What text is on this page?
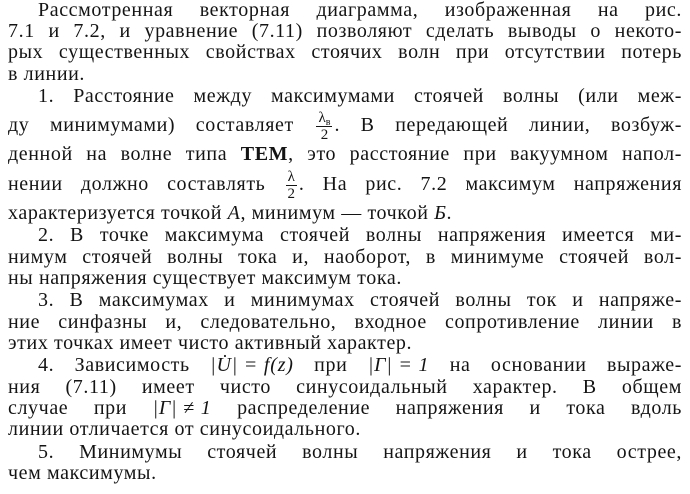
Рассмотренная векторная диаграмма, изображенная на рис.
7.1 и 7.2, и уравнение (7.11) позволяют сделать выводы о некото-
рых существенных свойствах стоячих волн при отсутствии потерь
в линии.
1. Расстояние между максимумами стоячей волны (или меж-
ду минимумами) составляет $\frac{\lambda_в}{2}$ . В передающей линии, возбуж-
денной на волне типа TEM, это расстояние при вакуумном напол-
нении должно составлять $\frac{\lambda}{2}$ . На рис. 7.2 максимум напряжения
характеризуется точкой А, минимум — точкой Б.
2. В точке максимума стоячей волны напряжения имеется ми-
нимум стоячей волны тока и, наоборот, в минимуме стоячей вол-
ны напряжения существует максимум тока.
3. В максимумах и минимумах стоячей волны ток и напряже-
ние синфазны и, следовательно, входное сопротивление линии в
этих точках имеет чисто активный характер.
4. Зависимость |U̇| = f(z) при |Γ| = 1 на основании выраже-
ния (7.11) имеет чисто синусоидальный характер. В общем
случае при |Γ| ≠ 1 распределение напряжения и тока вдоль
линии отличается от синусоидального.
5. Минимумы стоячей волны напряжения и тока острее,
чем максимумы.
